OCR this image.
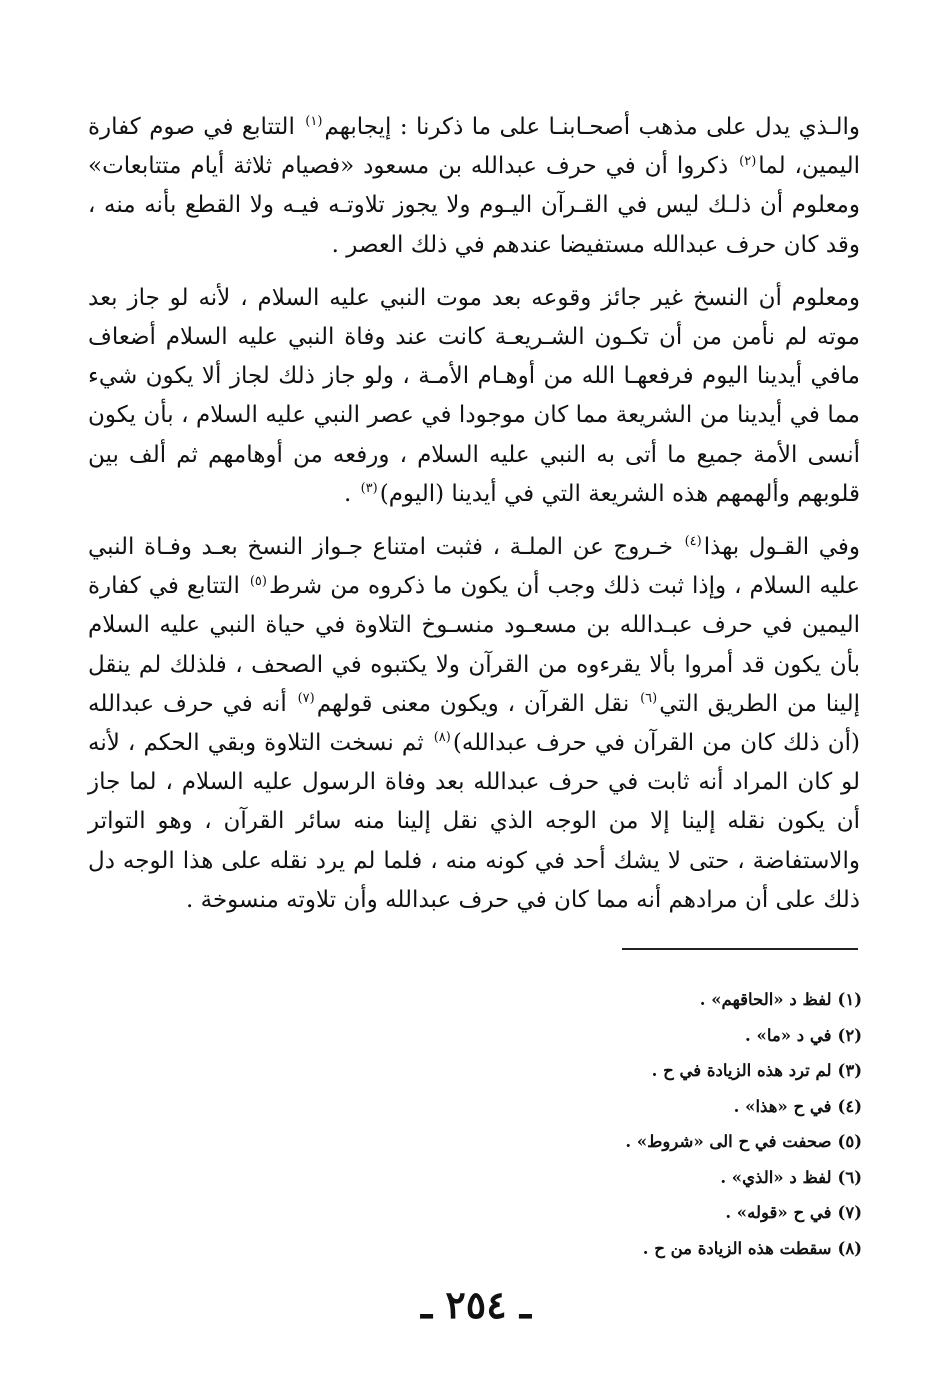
والـذي يدل على مذهب أصحـابنـا على ما ذكرنا : إيجابهم$^{(١)}$ التتابع في صوم كفارة اليمين، لما$^{(٢)}$ ذكروا أن في حرف عبدالله بن مسعود «فصيام ثلاثة أيام متتابعات» ومعلوم أن ذلـك ليس في القـرآن اليـوم ولا يجوز تلاوتـه فيـه ولا القطع بأنه منه ، وقد كان حرف عبدالله مستفيضا عندهم في ذلك العصر .

ومعلوم أن النسخ غير جائز وقوعه بعد موت النبي عليه السلام ، لأنه لو جاز بعد موته لم نأمن من أن تكـون الشـريعـة كانت عند وفاة النبي عليه السلام أضعاف مافي أيدينا اليوم فرفعهـا الله من أوهـام الأمـة ، ولو جاز ذلك لجاز ألا يكون شيء مما في أيدينا من الشريعة مما كان موجودا في عصر النبي عليه السلام ، بأن يكون أنسى الأمة جميع ما أتى به النبي عليه السلام ، ورفعه من أوهامهم ثم ألف بين قلوبهم وألهمهم هذه الشريعة التي في أيدينا (اليوم)$^{(٣)}$ .

وفي القـول بهذا$^{(٤)}$ خـروج عن الملـة ، فثبت امتناع جـواز النسخ بعـد وفـاة النبي عليه السلام ، وإذا ثبت ذلك وجب أن يكون ما ذكروه من شرط$^{(٥)}$ التتابع في كفارة اليمين في حرف عبـدالله بن مسعـود منسـوخ التلاوة في حياة النبي عليه السلام بأن يكون قد أمروا بألا يقرءوه من القرآن ولا يكتبوه في الصحف ، فلذلك لم ينقل إلينا من الطريق التي$^{(٦)}$ نقل القرآن ، ويكون معنى قولهم$^{(٧)}$ أنه في حرف عبدالله (أن ذلك كان من القرآن في حرف عبدالله)$^{(٨)}$ ثم نسخت التلاوة وبقي الحكم ، لأنه لو كان المراد أنه ثابت في حرف عبدالله بعد وفاة الرسول عليه السلام ، لما جاز أن يكون نقله إلينا إلا من الوجه الذي نقل إلينا منه سائر القرآن ، وهو التواتر والاستفاضة ، حتى لا يشك أحد في كونه منه ، فلما لم يرد نقله على هذا الوجه دل ذلك على أن مرادهم أنه مما كان في حرف عبدالله وأن تلاوته منسوخة .

(١)لفظ د «الحاقهم» .

(٢)في د «ما» .

(٣)لم ترد هذه الزيادة في ح .

(٤)في ح «هذا» .

(٥)صحفت في ح الى «شروط» .

(٦)لفظ د «الذي» .

(٧)في ح «قوله» .

(٨)سقطت هذه الزيادة من ح .

ـ ٢٥٤ ـ
